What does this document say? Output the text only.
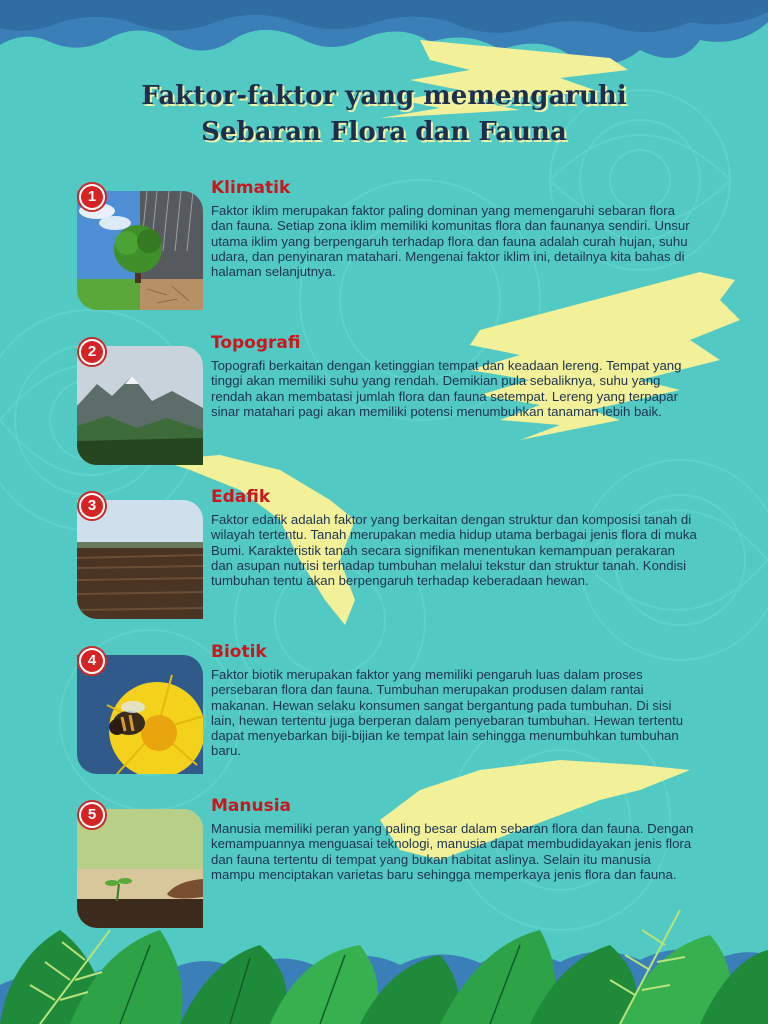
Faktor-faktor yang memengaruhi
Sebaran Flora dan Fauna
1	Klimatik

Faktor iklim merupakan faktor paling dominan yang memengaruhi sebaran flora dan fauna. Setiap zona iklim memiliki komunitas flora dan faunanya sendiri. Unsur utama iklim yang berpengaruh terhadap flora dan fauna adalah curah hujan, suhu udara, dan penyinaran matahari. Mengenai faktor iklim ini, detailnya kita bahas di halaman selanjutnya.

2	Topografi

Topografi berkaitan dengan ketinggian tempat dan keadaan lereng. Tempat yang tinggi akan memiliki suhu yang rendah. Demikian pula sebaliknya, suhu yang rendah akan membatasi jumlah flora dan fauna setempat. Lereng yang terpapar sinar matahari pagi akan memiliki potensi menumbuhkan tanaman lebih baik.

3	Edafik

Faktor edafik adalah faktor yang berkaitan dengan struktur dan komposisi tanah di wilayah tertentu. Tanah merupakan media hidup utama berbagai jenis flora di muka Bumi. Karakteristik tanah secara signifikan menentukan kemampuan perakaran dan asupan nutrisi terhadap tumbuhan melalui tekstur dan struktur tanah. Kondisi tumbuhan tentu akan berpengaruh terhadap keberadaan hewan.

4	Biotik

Faktor biotik merupakan faktor yang memiliki pengaruh luas dalam proses persebaran flora dan fauna. Tumbuhan merupakan produsen dalam rantai makanan. Hewan selaku konsumen sangat bergantung pada tumbuhan. Di sisi lain, hewan tertentu juga berperan dalam penyebaran tumbuhan. Hewan tertentu dapat menyebarkan biji-bijian ke tempat lain sehingga menumbuhkan tumbuhan baru.

5	Manusia

Manusia memiliki peran yang paling besar dalam sebaran flora dan fauna. Dengan kemampuannya menguasai teknologi, manusia dapat membudidayakan jenis flora dan fauna tertentu di tempat yang bukan habitat aslinya. Selain itu manusia mampu menciptakan varietas baru sehingga memperkaya jenis flora dan fauna.
